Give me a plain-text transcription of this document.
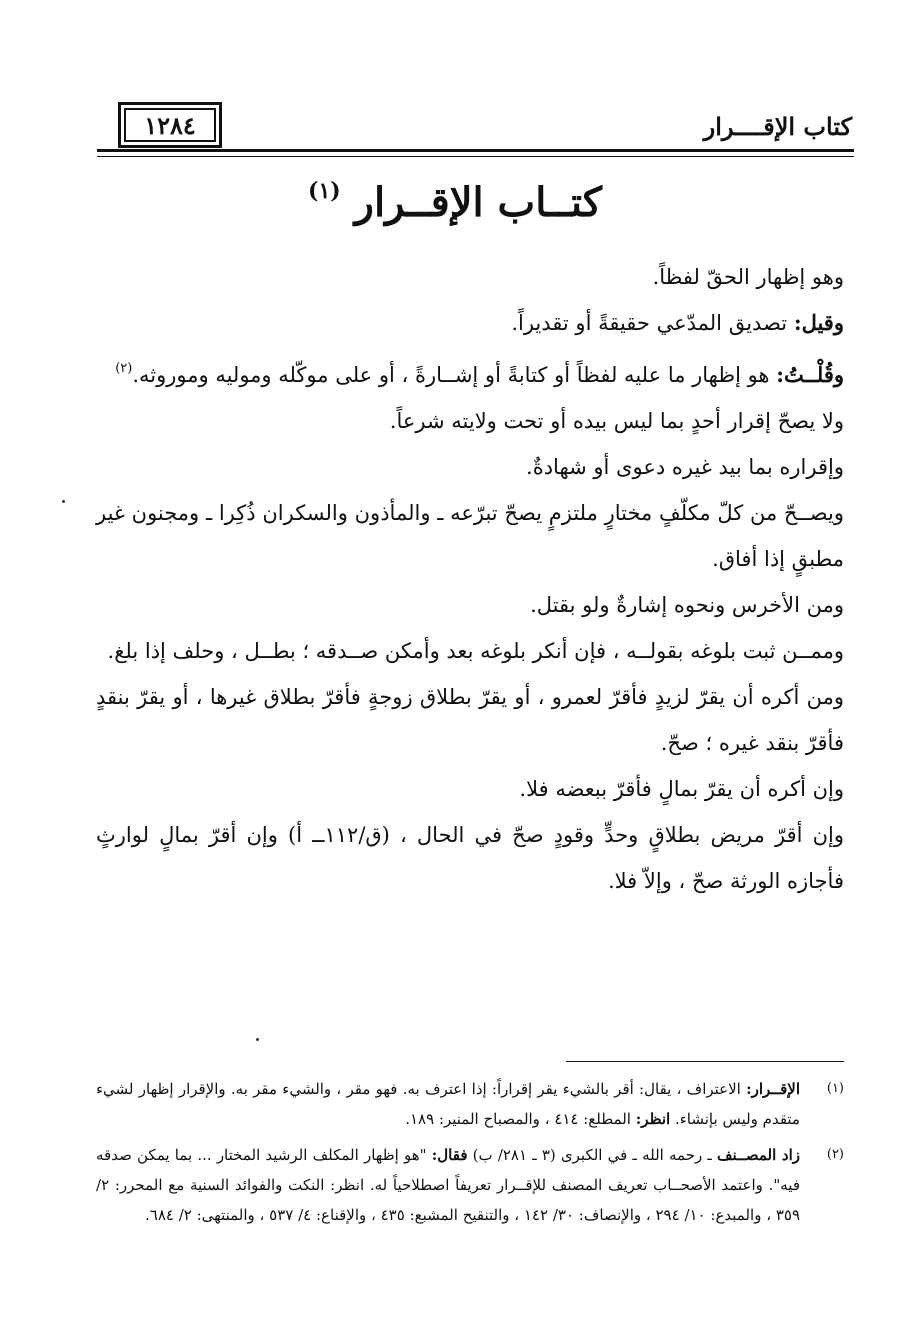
١٢٨٤	كتاب الإقــــرار
كتــاب الإقــرار $^{(١)}$

وهو إظهار الحقّ لفظاً.

وقيل: تصديق المدّعي حقيقةً أو تقديراً.

وقُلْــتُ: هو إظهار ما عليه لفظاً أو كتابةً أو إشــارةً ، أو على موكّله وموليه وموروثه.$^{(٢)}$

ولا يصحّ إقرار أحدٍ بما ليس بيده أو تحت ولايته شرعاً.

وإقراره بما بيد غيره دعوى أو شهادةٌ.

ويصــحّ من كلّ مكلّفٍ مختارٍ ملتزمٍ يصحّ تبرّعه ـ والمأذون والسكران ذُكِرا ـ ومجنون غير مطبقٍ إذا أفاق.

ومن الأخرس ونحوه إشارةٌ ولو بقتل.

وممــن ثبت بلوغه بقولــه ، فإن أنكر بلوغه بعد وأمكن صــدقه ؛ بطــل ، وحلف إذا بلغ.

ومن أكره أن يقرّ لزيدٍ فأقرّ لعمرو ، أو يقرّ بطلاق زوجةٍ فأقرّ بطلاق غيرها ، أو يقرّ بنقدٍ فأقرّ بنقد غيره ؛ صحّ.

وإن أكره أن يقرّ بمالٍ فأقرّ ببعضه فلا.

وإن أقرّ مريض بطلاقٍ وحدٍّ وقودٍ صحّ في الحال ، (ق/١١٢ــ أ) وإن أقرّ بمالٍ لوارثٍ فأجازه الورثة صحّ ، وإلاّ فلا.

(١)
الإقــرار: الاعتراف ، يقال: أقر بالشيء يقر إقراراً: إذا اعترف به. فهو مقر ، والشيء مقر به. والإقرار إظهار لشيء متقدم وليس بإنشاء. انظر: المطلع: ٤١٤ ، والمصباح المنير: ١٨٩.
(٢)
زاد المصــنف ـ رحمه الله ـ في الكبرى (٣ ـ ٢٨١/ ب) فقال: "هو إظهار المكلف الرشيد المختار ... بما يمكن صدقه فيه". واعتمد الأصحــاب تعريف المصنف للإقــرار تعريفاً اصطلاحياً له. انظر: النكت والفوائد السنية مع المحرر: ٢/ ٣٥٩ ، والمبدع: ١٠/ ٢٩٤ ، والإنصاف: ٣٠/ ١٤٢ ، والتنقيح المشبع: ٤٣٥ ، والإقناع: ٤/ ٥٣٧ ، والمنتهى: ٢/ ٦٨٤.
